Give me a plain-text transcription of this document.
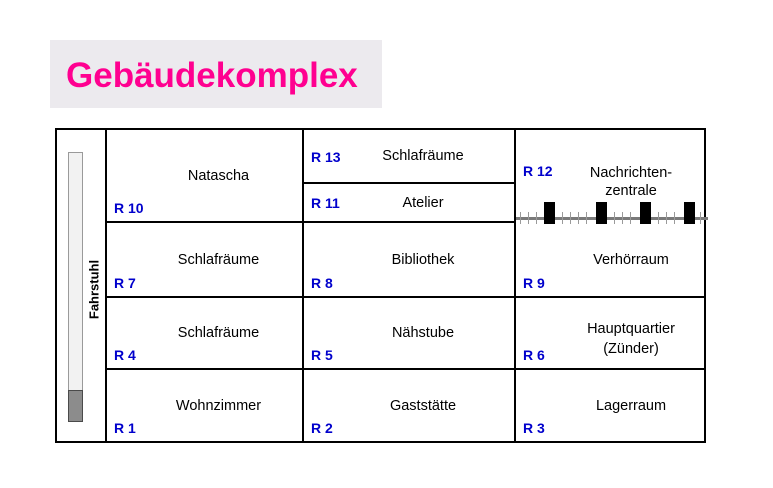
Gebäudekomplex
Fahrstuhl
Natascha
R 10
Schlafräume
R 13
Nachrichten-
zentrale
R 12
Atelier
R 11
Schlafräume
R 7
Bibliothek
R 8
Verhörraum
R 9
Schlafräume
R 4
Nähstube
R 5
Hauptquartier
(Zünder)
R 6
Wohnzimmer
R 1
Gaststätte
R 2
Lagerraum
R 3
